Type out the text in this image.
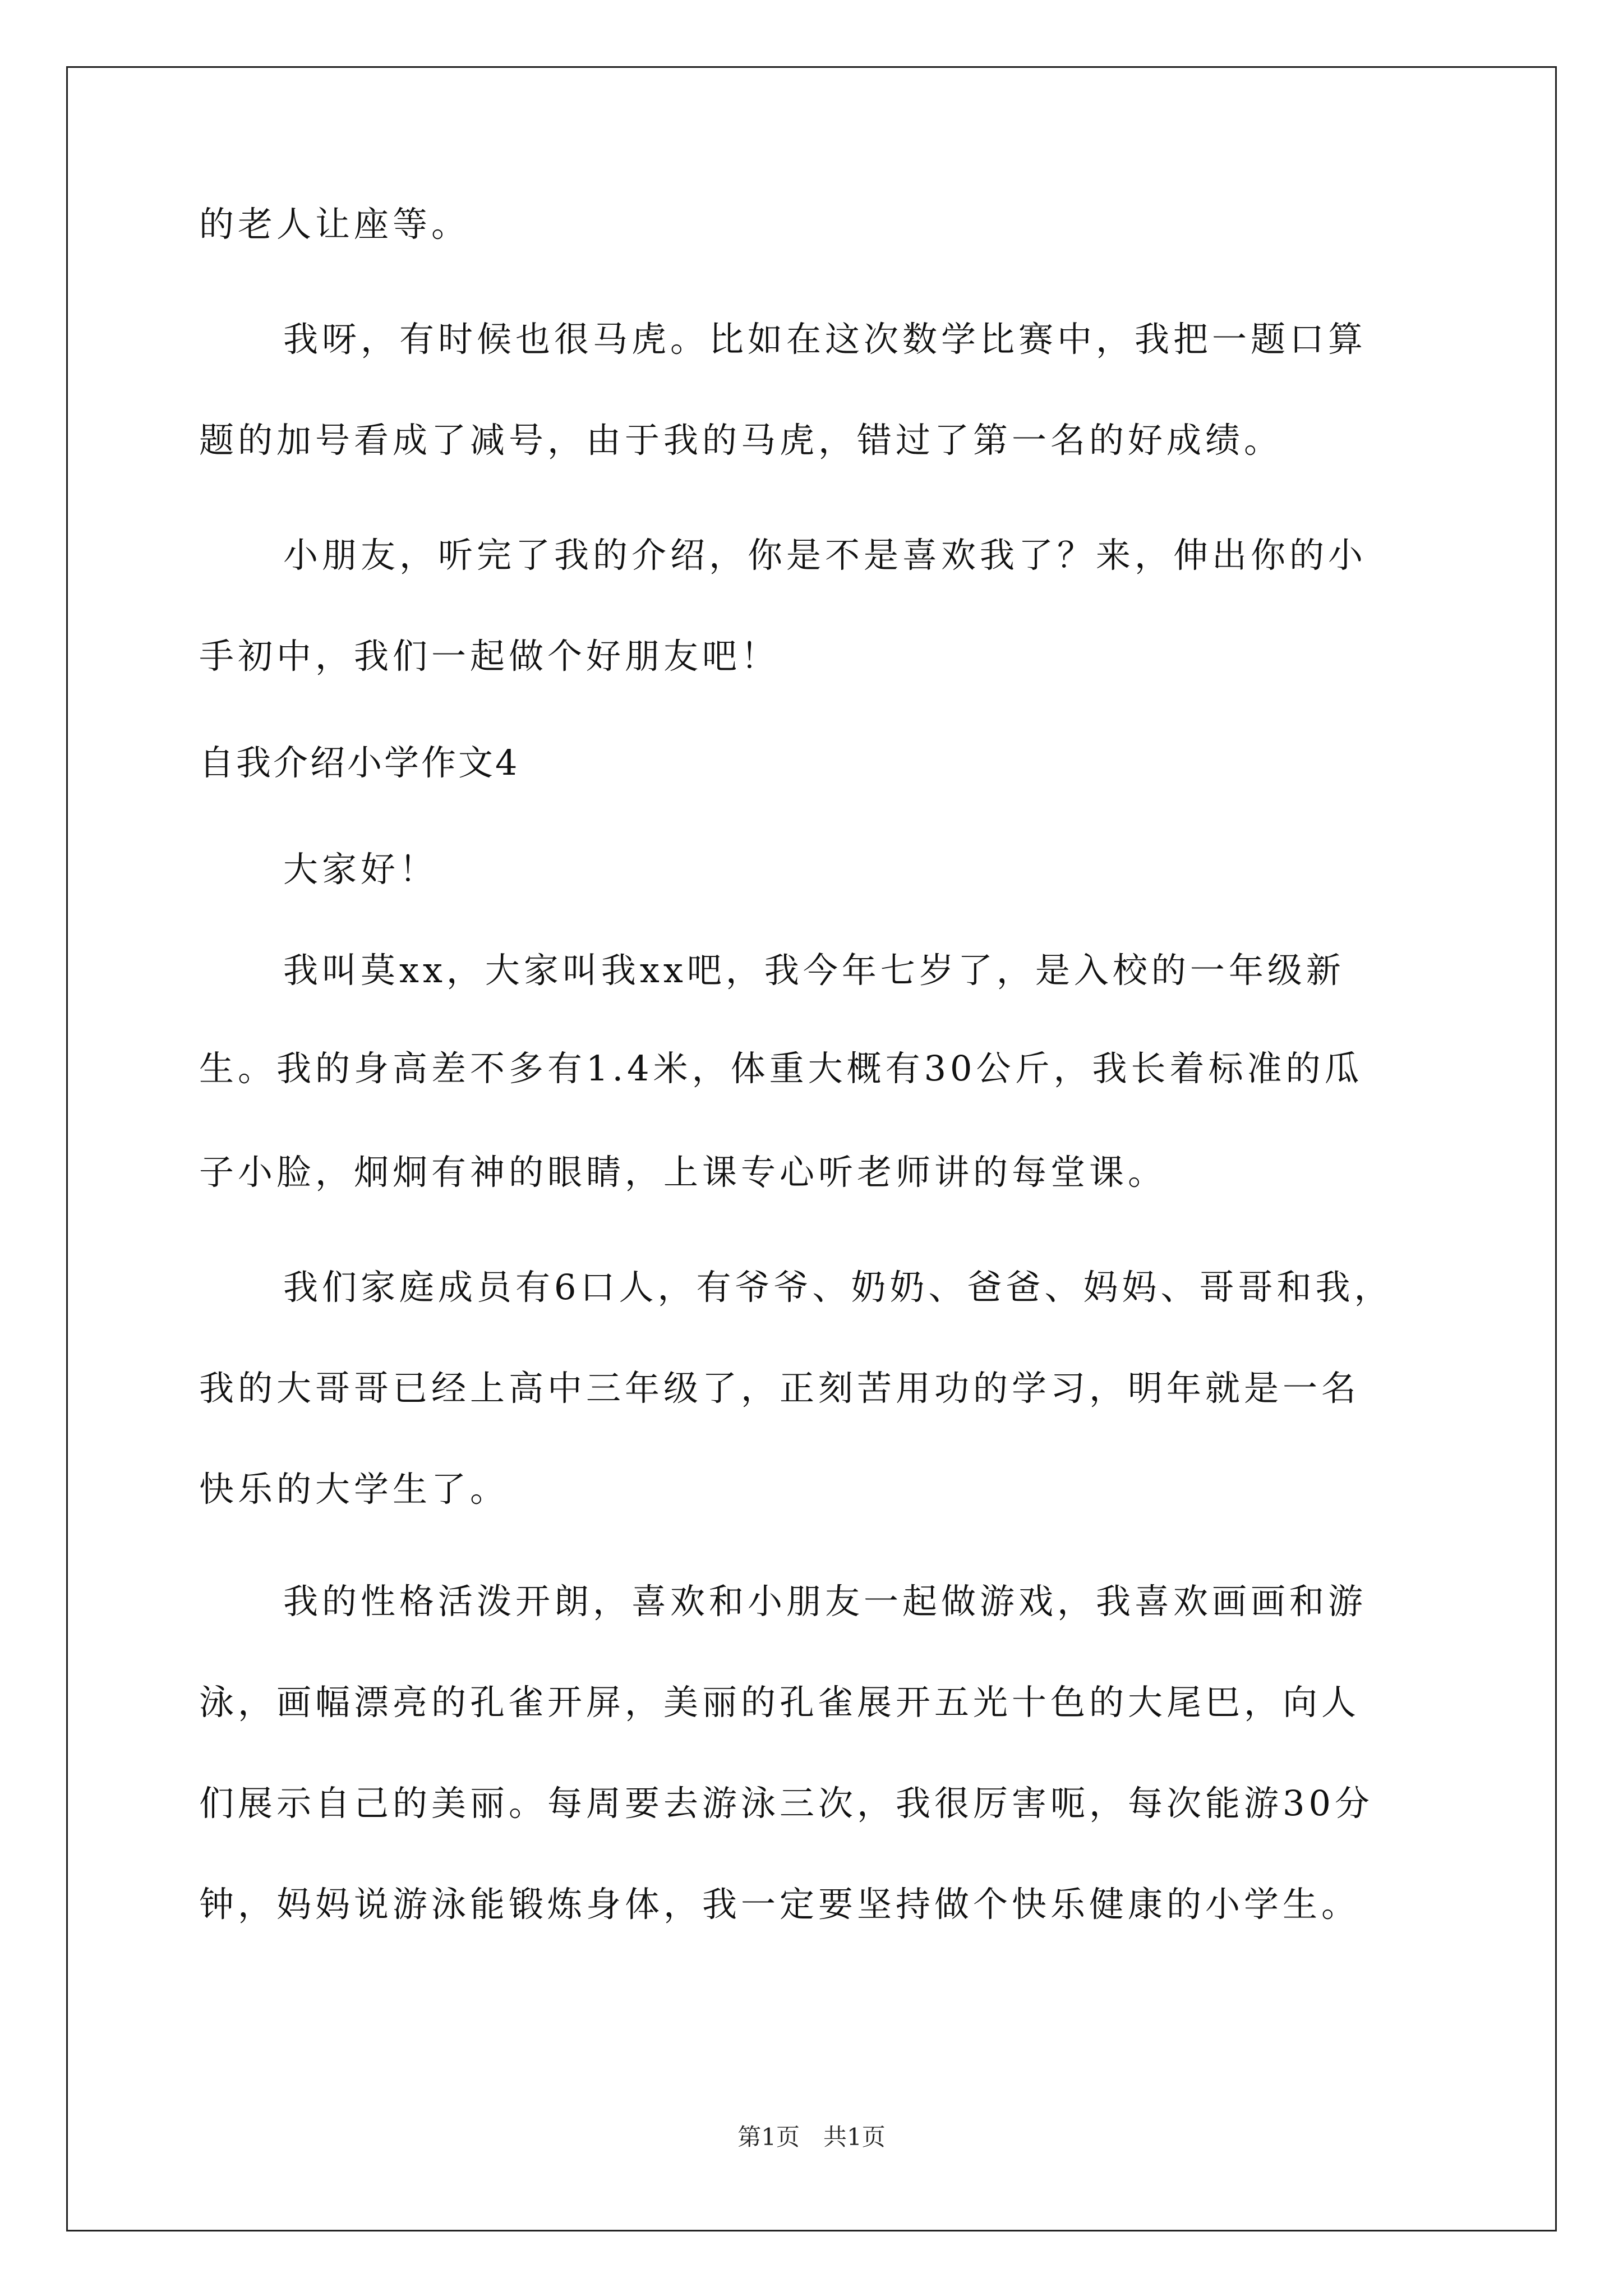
的老人让座等。
我呀，有时候也很马虎。比如在这次数学比赛中，我把一题口算
题的加号看成了减号，由于我的马虎，错过了第一名的好成绩。
小朋友，听完了我的介绍，你是不是喜欢我了？来，伸出你的小
手初中，我们一起做个好朋友吧！
自我介绍小学作文4
大家好！
我叫莫xx，大家叫我xx吧，我今年七岁了，是入校的一年级新
生。我的身高差不多有1.4米，体重大概有30公斤，我长着标准的瓜
子小脸，炯炯有神的眼睛，上课专心听老师讲的每堂课。
我们家庭成员有6口人，有爷爷、奶奶、爸爸、妈妈、哥哥和我，
我的大哥哥已经上高中三年级了，正刻苦用功的学习，明年就是一名
快乐的大学生了。
我的性格活泼开朗，喜欢和小朋友一起做游戏，我喜欢画画和游
泳，画幅漂亮的孔雀开屏，美丽的孔雀展开五光十色的大尾巴，向人
们展示自己的美丽。每周要去游泳三次，我很厉害呃，每次能游30分
钟，妈妈说游泳能锻炼身体，我一定要坚持做个快乐健康的小学生。
第1页　共1页
